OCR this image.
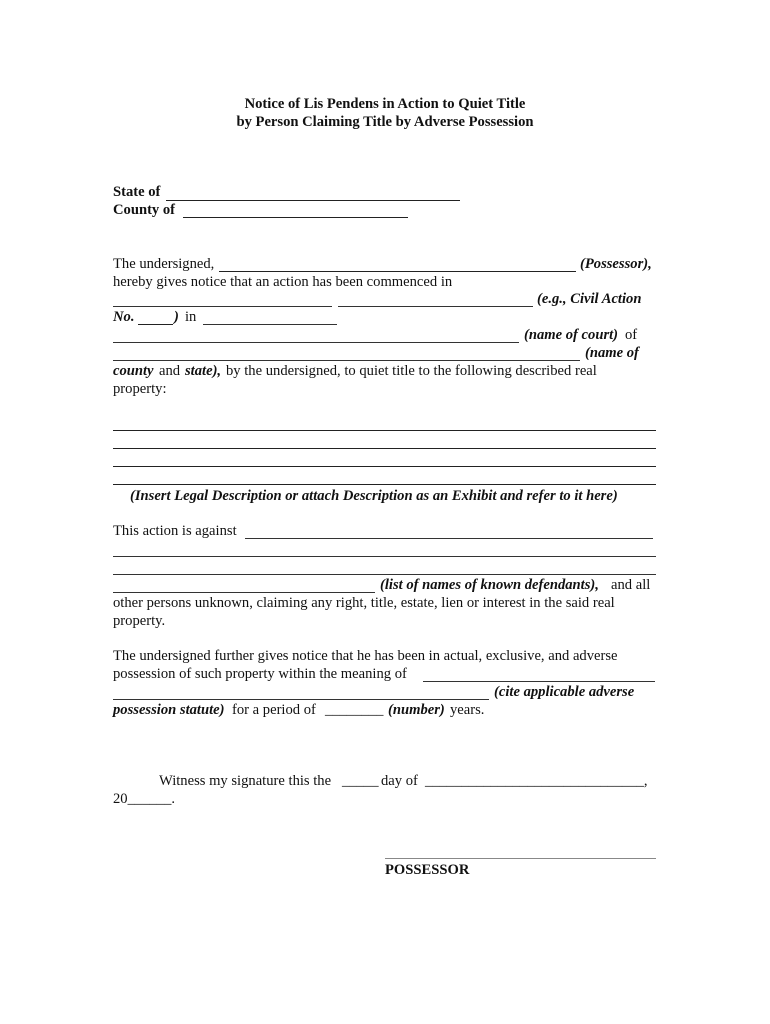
Notice of Lis Pendens in Action to Quiet Title
by Person Claiming Title by Adverse Possession
State of
County of
The undersigned,	(Possessor),
hereby gives notice that an action has been commenced in
(e.g., Civil Action
No.	) in
(name of court) of
(name of
county and state), by the undersigned, to quiet title to the following described real
property:
(Insert Legal Description or attach Description as an Exhibit and refer to it here)
This action is against
(list of names of known defendants), and all
other persons unknown, claiming any right, title, estate, lien or interest in the said real
property.
The undersigned further gives notice that he has been in actual, exclusive, and adverse
possession of such property within the meaning of
(cite applicable adverse
possession statute) for a period of ________ (number) years.
Witness my signature this the _____ day of ______________________________,
20______.
POSSESSOR
